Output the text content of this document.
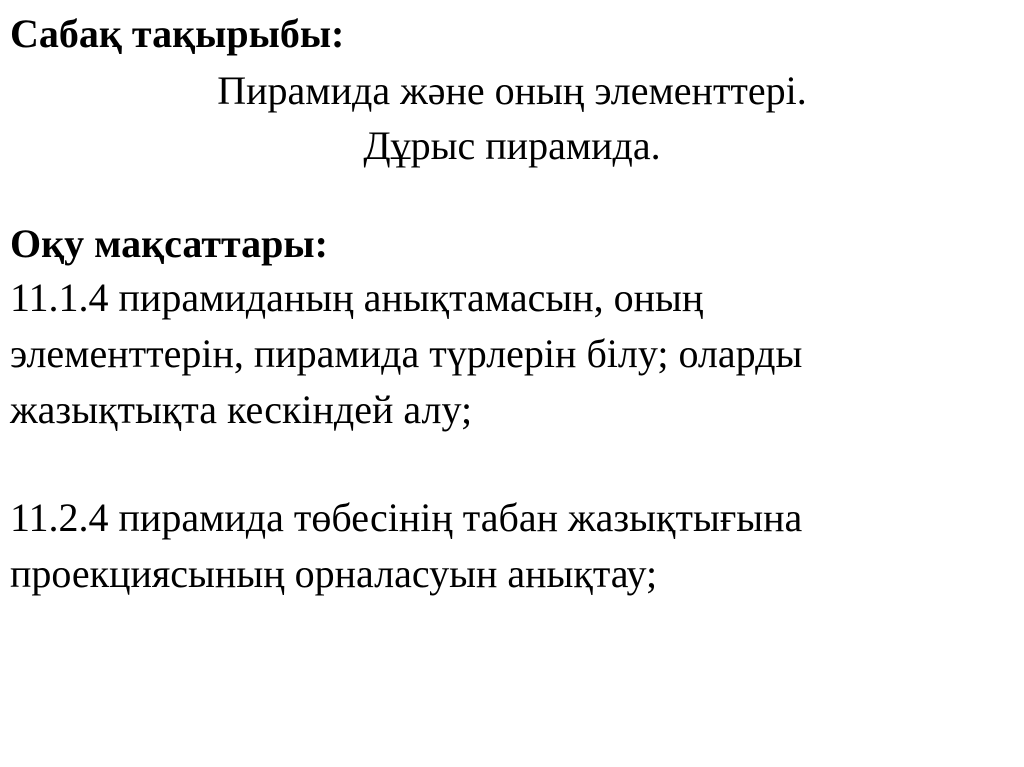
Сабақ тақырыбы:
Пирамида және оның элементтері.
Дұрыс пирамида.
Оқу мақсаттары:
11.1.4 пирамиданың анықтамасын, оның
элементтерін, пирамида түрлерін білу; оларды
жазықтықта кескіндей алу;
11.2.4 пирамида төбесінің табан жазықтығына
проекциясының орналасуын анықтау;
